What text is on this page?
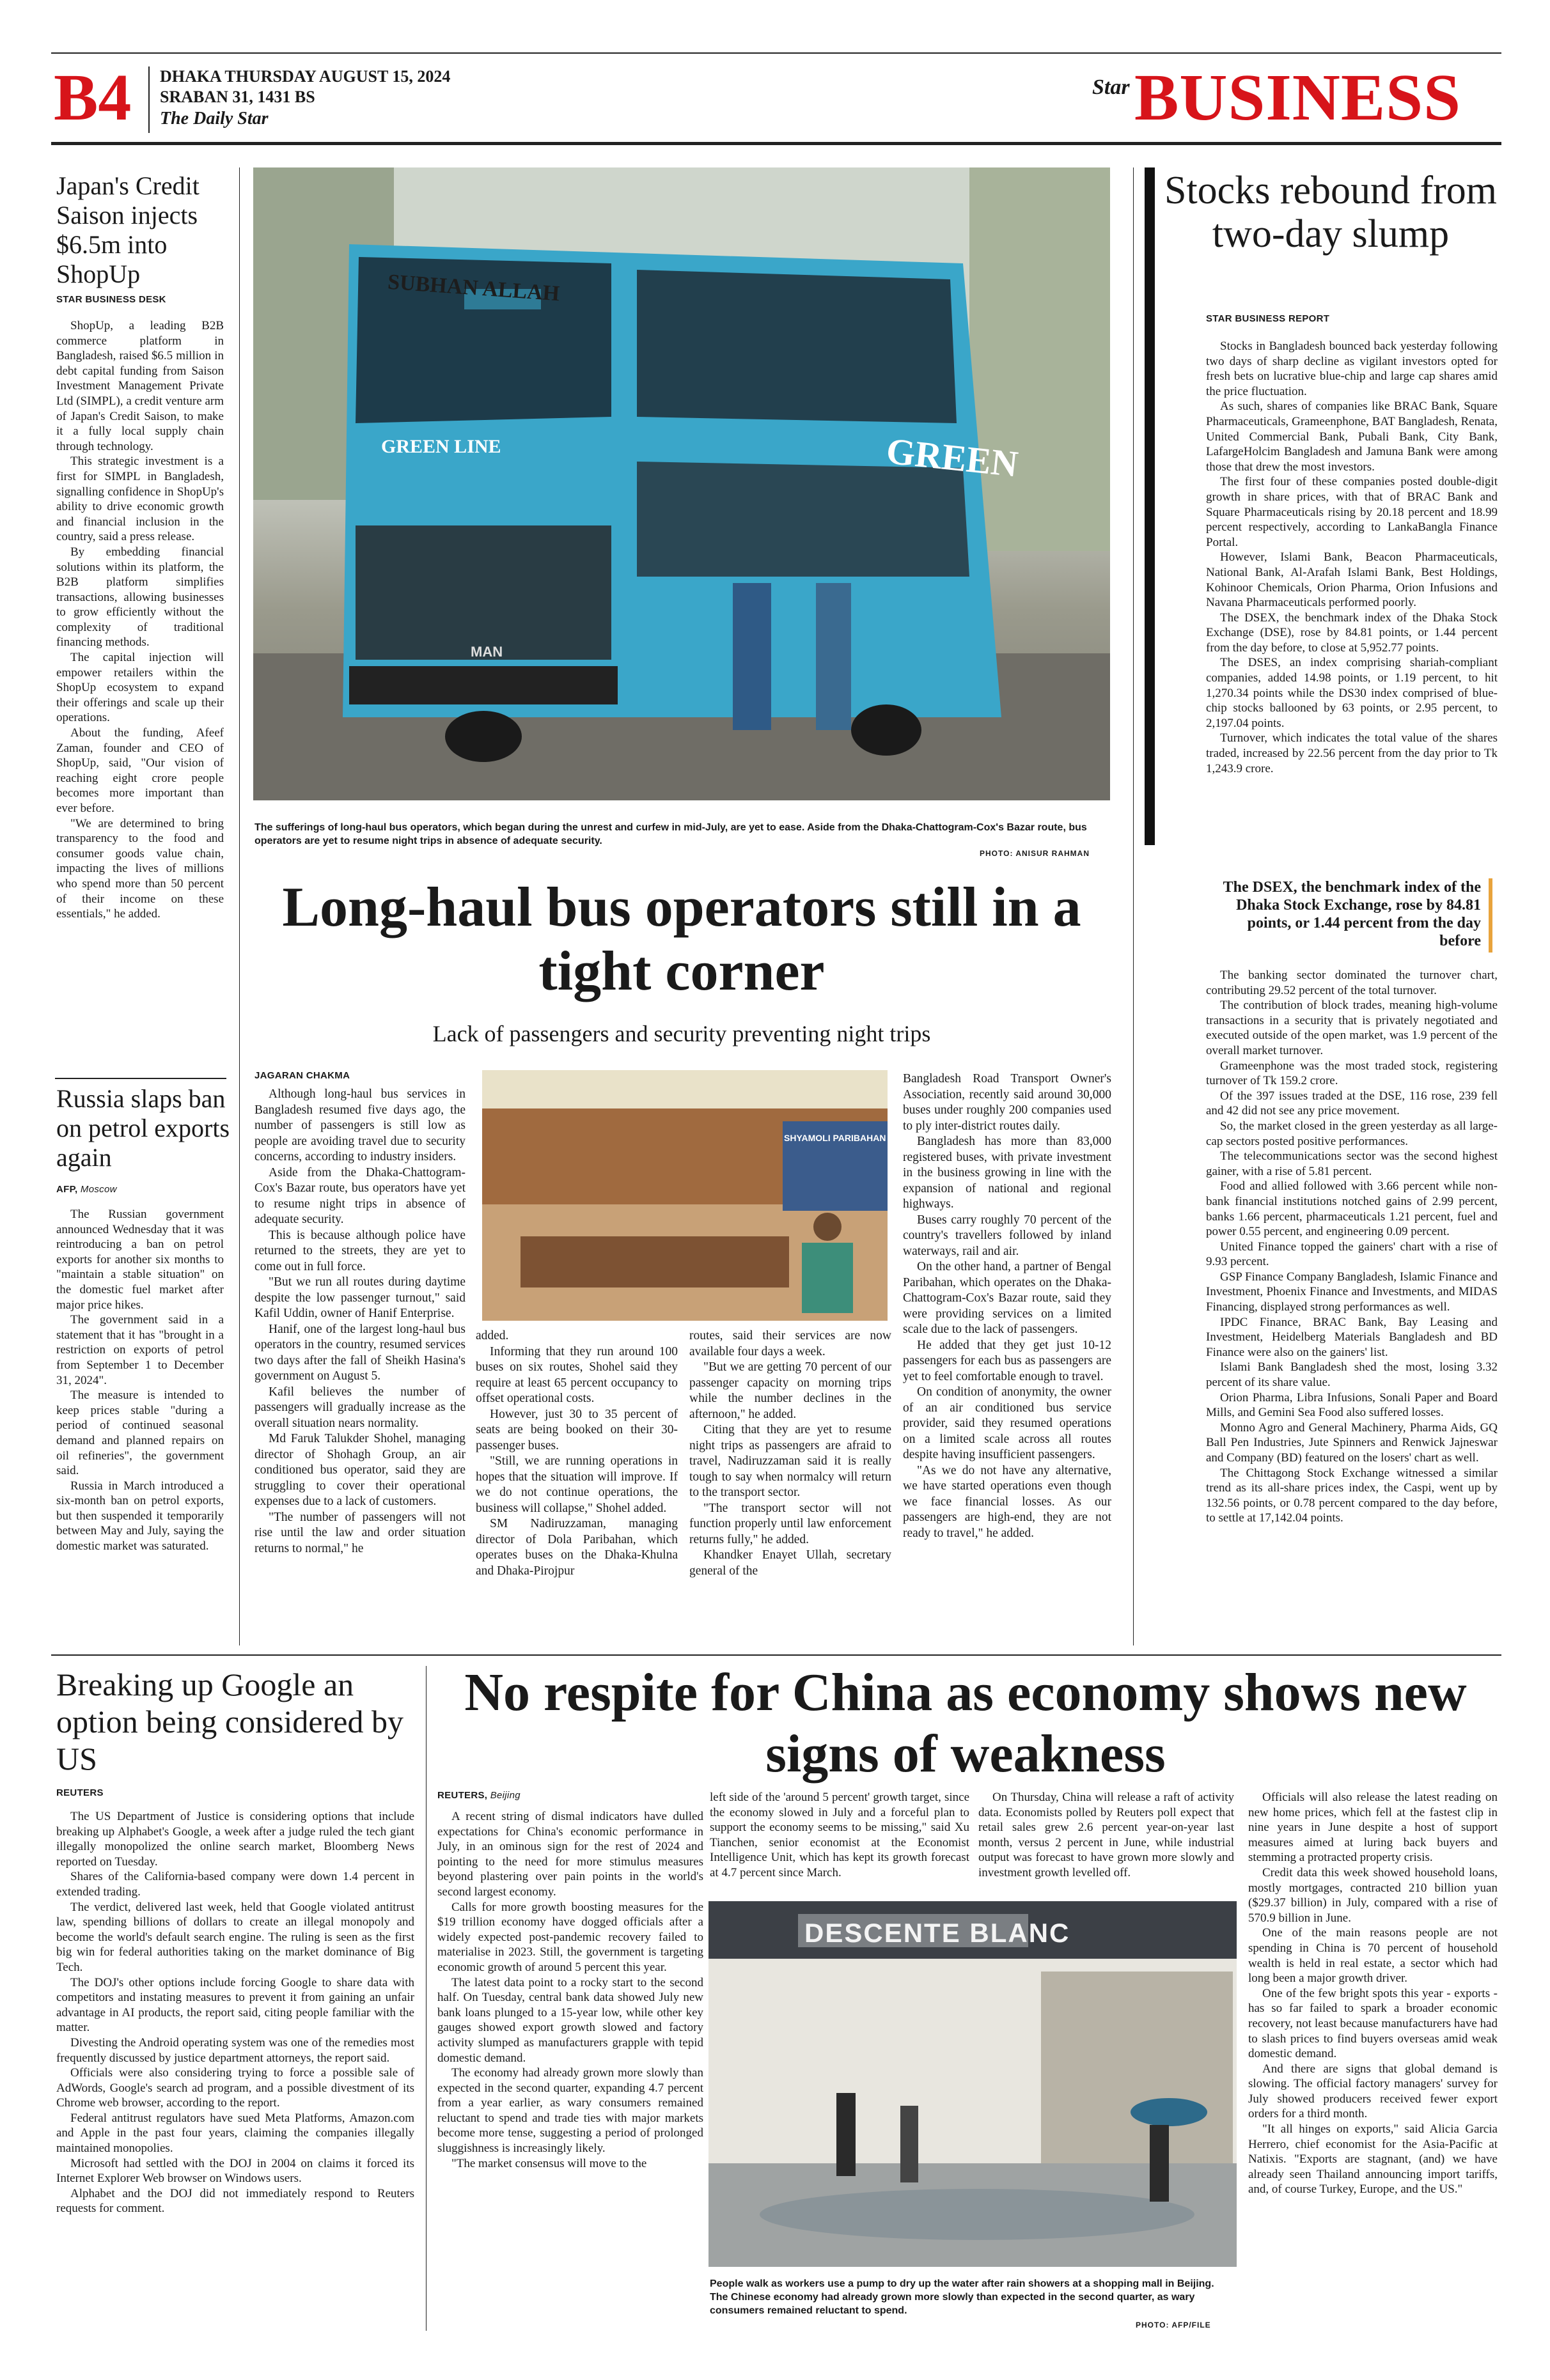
B4 DHAKA THURSDAY AUGUST 15, 2024
SRABAN 31, 1431 BS
The Daily Star
Star BUSINESS
Japan's Credit Saison injects $6.5m into ShopUp
STAR BUSINESS DESK

ShopUp, a leading B2B commerce platform in Bangladesh, raised $6.5 million in debt capital funding from Saison Investment Management Private Ltd (SIMPL), a credit venture arm of Japan's Credit Saison, to make it a fully local supply chain through technology.

This strategic investment is a first for SIMPL in Bangladesh, signalling confidence in ShopUp's ability to drive economic growth and financial inclusion in the country, said a press release.

By embedding financial solutions within its platform, the B2B platform simplifies transactions, allowing businesses to grow efficiently without the complexity of traditional financing methods.

The capital injection will empower retailers within the ShopUp ecosystem to expand their offerings and scale up their operations.

About the funding, Afeef Zaman, founder and CEO of ShopUp, said, "Our vision of reaching eight crore people becomes more important than ever before.

"We are determined to bring transparency to the food and consumer goods value chain, impacting the lives of millions who spend more than 50 percent of their income on these essentials," he added.

Russia slaps ban on petrol exports again
AFP, Moscow

The Russian government announced Wednesday that it was reintroducing a ban on petrol exports for another six months to "maintain a stable situation" on the domestic fuel market after major price hikes.

The government said in a statement that it has "brought in a restriction on exports of petrol from September 1 to December 31, 2024".

The measure is intended to keep prices stable "during a period of continued seasonal demand and planned repairs on oil refineries", the government said.

Russia in March introduced a six-month ban on petrol exports, but then suspended it temporarily between May and July, saying the domestic market was saturated.

SUBHAN ALLAH
GREEN LINE	GREEN
MAN
The sufferings of long-haul bus operators, which began during the unrest and curfew in mid-July, are yet to ease. Aside from the Dhaka-Chattogram-Cox's Bazar route, bus operators are yet to resume night trips in absence of adequate security.
PHOTO: ANISUR RAHMAN
Long-haul bus operators still in a tight corner
Lack of passengers and security preventing night trips
JAGARAN CHAKMA
SHYAMOLI PARIBAHAN

Although long-haul bus services in Bangladesh resumed five days ago, the number of passengers is still low as people are avoiding travel due to security concerns, according to industry insiders.

Aside from the Dhaka-Chattogram-Cox's Bazar route, bus operators have yet to resume night trips in absence of adequate security.

This is because although police have returned to the streets, they are yet to come out in full force.

"But we run all routes during daytime despite the low passenger turnout," said Kafil Uddin, owner of Hanif Enterprise.

Hanif, one of the largest long-haul bus operators in the country, resumed services two days after the fall of Sheikh Hasina's government on August 5.

Kafil believes the number of passengers will gradually increase as the overall situation nears normality.

Md Faruk Talukder Shohel, managing director of Shohagh Group, an air conditioned bus operator, said they are struggling to cover their operational expenses due to a lack of customers.

"The number of passengers will not rise until the law and order situation returns to normal," he

added.

Informing that they run around 100 buses on six routes, Shohel said they require at least 65 percent occupancy to offset operational costs.

However, just 30 to 35 percent of seats are being booked on their 30-passenger buses.

"Still, we are running operations in hopes that the situation will improve. If we do not continue operations, the business will collapse," Shohel added.

SM Nadiruzzaman, managing director of Dola Paribahan, which operates buses on the Dhaka-Khulna and Dhaka-Pirojpur

routes, said their services are now available four days a week.

"But we are getting 70 percent of our passenger capacity on morning trips while the number declines in the afternoon," he added.

Citing that they are yet to resume night trips as passengers are afraid to travel, Nadiruzzaman said it is really tough to say when normalcy will return to the transport sector.

"The transport sector will not function properly until law enforcement returns fully," he added.

Khandker Enayet Ullah, secretary general of the

Bangladesh Road Transport Owner's Association, recently said around 30,000 buses under roughly 200 companies used to ply inter-district routes daily.

Bangladesh has more than 83,000 registered buses, with private investment in the business growing in line with the expansion of national and regional highways.

Buses carry roughly 70 percent of the country's travellers followed by inland waterways, rail and air.

On the other hand, a partner of Bengal Paribahan, which operates on the Dhaka-Chattogram-Cox's Bazar route, said they were providing services on a limited scale due to the lack of passengers.

He added that they get just 10-12 passengers for each bus as passengers are yet to feel comfortable enough to travel.

On condition of anonymity, the owner of an air conditioned bus service provider, said they resumed operations on a limited scale across all routes despite having insufficient passengers.

"As we do not have any alternative, we have started operations even though we face financial losses. As our passengers are high-end, they are not ready to travel," he added.

Stocks rebound from two-day slump
STAR BUSINESS REPORT

Stocks in Bangladesh bounced back yesterday following two days of sharp decline as vigilant investors opted for fresh bets on lucrative blue-chip and large cap shares amid the price fluctuation.

As such, shares of companies like BRAC Bank, Square Pharmaceuticals, Grameenphone, BAT Bangladesh, Renata, United Commercial Bank, Pubali Bank, City Bank, LafargeHolcim Bangladesh and Jamuna Bank were among those that drew the most investors.

The first four of these companies posted double-digit growth in share prices, with that of BRAC Bank and Square Pharmaceuticals rising by 20.18 percent and 18.99 percent respectively, according to LankaBangla Finance Portal.

However, Islami Bank, Beacon Pharmaceuticals, National Bank, Al-Arafah Islami Bank, Best Holdings, Kohinoor Chemicals, Orion Pharma, Orion Infusions and Navana Pharmaceuticals performed poorly.

The DSEX, the benchmark index of the Dhaka Stock Exchange (DSE), rose by 84.81 points, or 1.44 percent from the day before, to close at 5,952.77 points.

The DSES, an index comprising shariah-compliant companies, added 14.98 points, or 1.19 percent, to hit 1,270.34 points while the DS30 index comprised of blue-chip stocks ballooned by 63 points, or 2.95 percent, to 2,197.04 points.

Turnover, which indicates the total value of the shares traded, increased by 22.56 percent from the day prior to Tk 1,243.9 crore.

The DSEX, the benchmark index of the Dhaka Stock Exchange, rose by 84.81 points, or 1.44 percent from the day before

The banking sector dominated the turnover chart, contributing 29.52 percent of the total turnover.

The contribution of block trades, meaning high-volume transactions in a security that is privately negotiated and executed outside of the open market, was 1.9 percent of the overall market turnover.

Grameenphone was the most traded stock, registering turnover of Tk 159.2 crore.

Of the 397 issues traded at the DSE, 116 rose, 239 fell and 42 did not see any price movement.

So, the market closed in the green yesterday as all large-cap sectors posted positive performances.

The telecommunications sector was the second highest gainer, with a rise of 5.81 percent.

Food and allied followed with 3.66 percent while non-bank financial institutions notched gains of 2.99 percent, banks 1.66 percent, pharmaceuticals 1.21 percent, fuel and power 0.55 percent, and engineering 0.09 percent.

United Finance topped the gainers' chart with a rise of 9.93 percent.

GSP Finance Company Bangladesh, Islamic Finance and Investment, Phoenix Finance and Investments, and MIDAS Financing, displayed strong performances as well.

IPDC Finance, BRAC Bank, Bay Leasing and Investment, Heidelberg Materials Bangladesh and BD Finance were also on the gainers' list.

Islami Bank Bangladesh shed the most, losing 3.32 percent of its share value.

Orion Pharma, Libra Infusions, Sonali Paper and Board Mills, and Gemini Sea Food also suffered losses.

Monno Agro and General Machinery, Pharma Aids, GQ Ball Pen Industries, Jute Spinners and Renwick Jajneswar and Company (BD) featured on the losers' chart as well.

The Chittagong Stock Exchange witnessed a similar trend as its all-share prices index, the Caspi, went up by 132.56 points, or 0.78 percent compared to the day before, to settle at 17,142.04 points.

Breaking up Google an option being considered by US
REUTERS

The US Department of Justice is considering options that include breaking up Alphabet's Google, a week after a judge ruled the tech giant illegally monopolized the online search market, Bloomberg News reported on Tuesday.

Shares of the California-based company were down 1.4 percent in extended trading.

The verdict, delivered last week, held that Google violated antitrust law, spending billions of dollars to create an illegal monopoly and become the world's default search engine. The ruling is seen as the first big win for federal authorities taking on the market dominance of Big Tech.

The DOJ's other options include forcing Google to share data with competitors and instating measures to prevent it from gaining an unfair advantage in AI products, the report said, citing people familiar with the matter.

Divesting the Android operating system was one of the remedies most frequently discussed by justice department attorneys, the report said.

Officials were also considering trying to force a possible sale of AdWords, Google's search ad program, and a possible divestment of its Chrome web browser, according to the report.

Federal antitrust regulators have sued Meta Platforms, Amazon.com and Apple in the past four years, claiming the companies illegally maintained monopolies.

Microsoft had settled with the DOJ in 2004 on claims it forced its Internet Explorer Web browser on Windows users.

Alphabet and the DOJ did not immediately respond to Reuters requests for comment.

No respite for China as economy shows new signs of weakness
REUTERS, Beijing

A recent string of dismal indicators have dulled expectations for China's economic performance in July, in an ominous sign for the rest of 2024 and pointing to the need for more stimulus measures beyond plastering over pain points in the world's second largest economy.

Calls for more growth boosting measures for the $19 trillion economy have dogged officials after a widely expected post-pandemic recovery failed to materialise in 2023. Still, the government is targeting economic growth of around 5 percent this year.

The latest data point to a rocky start to the second half. On Tuesday, central bank data showed July new bank loans plunged to a 15-year low, while other key gauges showed export growth slowed and factory activity slumped as manufacturers grapple with tepid domestic demand.

The economy had already grown more slowly than expected in the second quarter, expanding 4.7 percent from a year earlier, as wary consumers remained reluctant to spend and trade ties with major markets become more tense, suggesting a period of prolonged sluggishness is increasingly likely.

"The market consensus will move to the

left side of the 'around 5 percent' growth target, since the economy slowed in July and a forceful plan to support the economy seems to be missing," said Xu Tianchen, senior economist at the Economist Intelligence Unit, which has kept its growth forecast at 4.7 percent since March.

On Thursday, China will release a raft of activity data. Economists polled by Reuters poll expect that retail sales grew 2.6 percent year-on-year last month, versus 2 percent in June, while industrial output was forecast to have grown more slowly and investment growth levelled off.

DESCENTE BLANC
People walk as workers use a pump to dry up the water after rain showers at a shopping mall in Beijing. The Chinese economy had already grown more slowly than expected in the second quarter, as wary consumers remained reluctant to spend.
PHOTO: AFP/FILE

Officials will also release the latest reading on new home prices, which fell at the fastest clip in nine years in June despite a host of support measures aimed at luring back buyers and stemming a protracted property crisis.

Credit data this week showed household loans, mostly mortgages, contracted 210 billion yuan ($29.37 billion) in July, compared with a rise of 570.9 billion in June.

One of the main reasons people are not spending in China is 70 percent of household wealth is held in real estate, a sector which had long been a major growth driver.

One of the few bright spots this year - exports - has so far failed to spark a broader economic recovery, not least because manufacturers have had to slash prices to find buyers overseas amid weak domestic demand.

And there are signs that global demand is slowing. The official factory managers' survey for July showed producers received fewer export orders for a third month.

"It all hinges on exports," said Alicia Garcia Herrero, chief economist for the Asia-Pacific at Natixis. "Exports are stagnant, (and) we have already seen Thailand announcing import tariffs, and, of course Turkey, Europe, and the US."
